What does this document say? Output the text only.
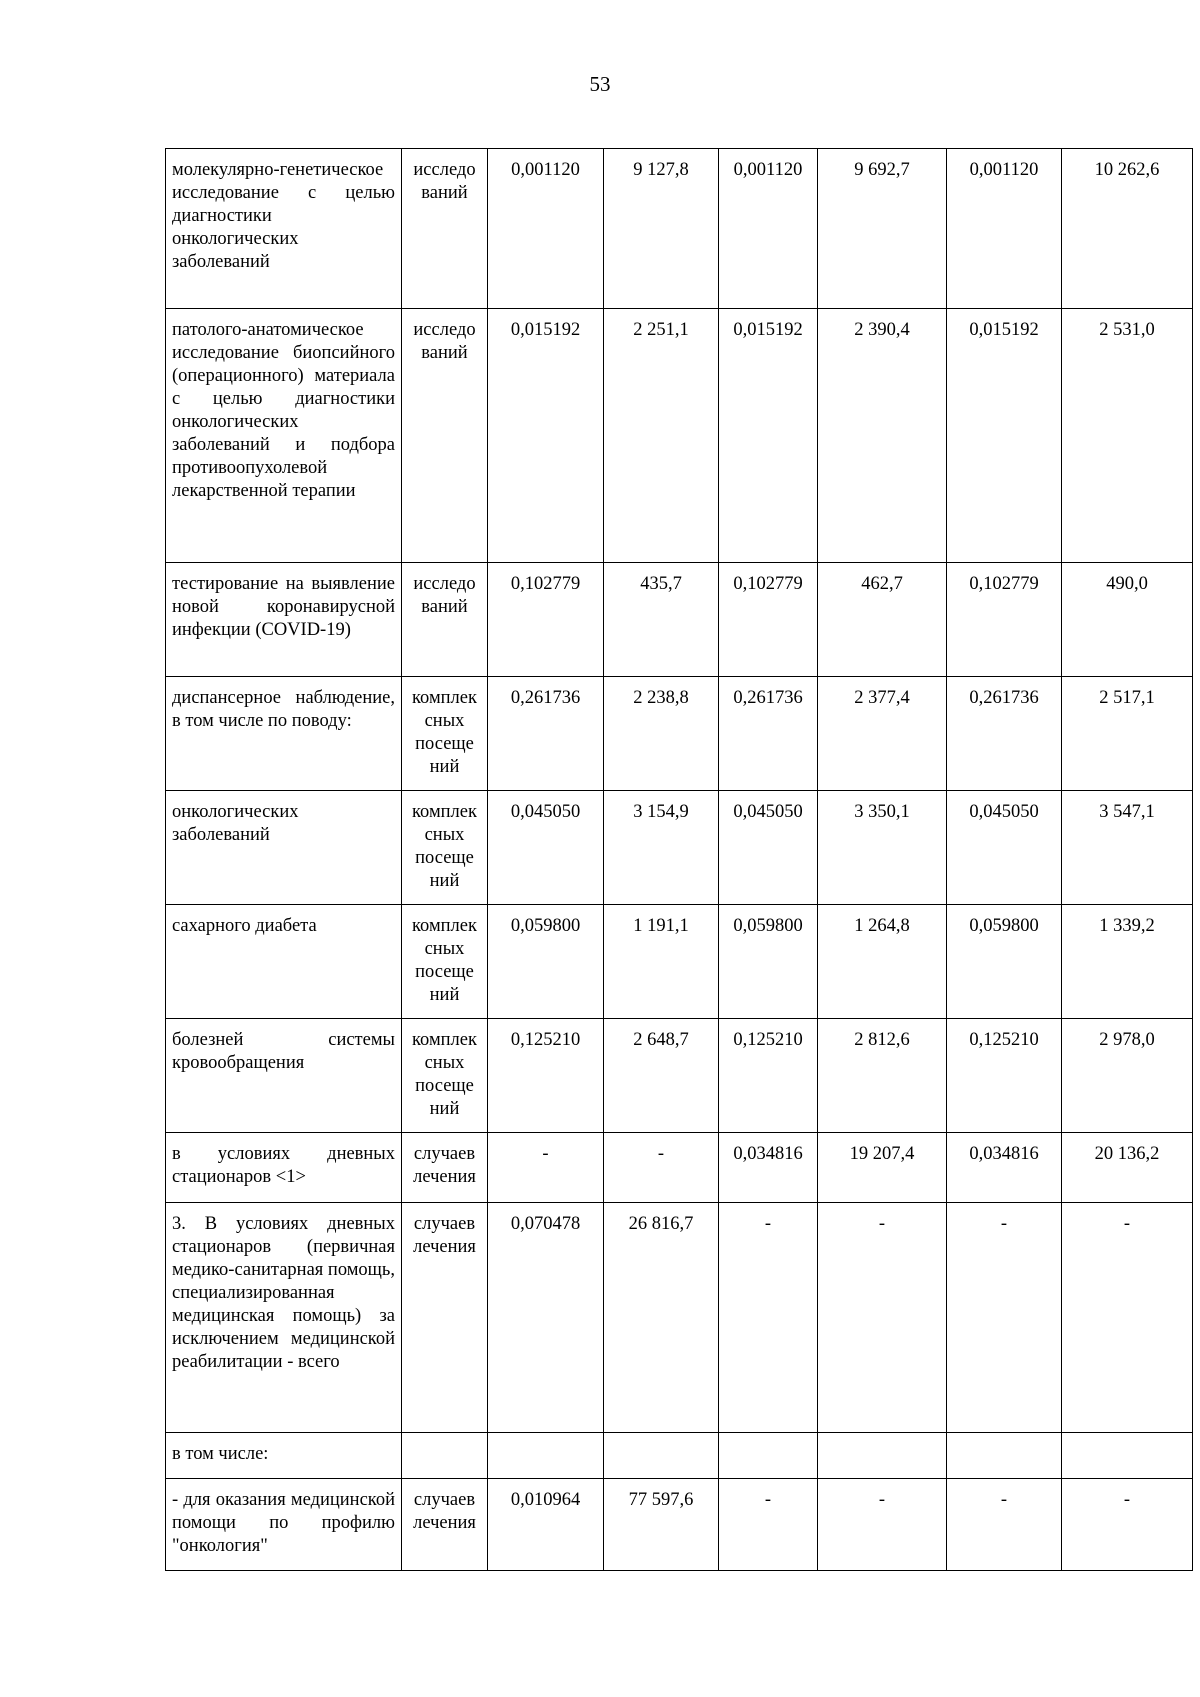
53
молекулярно-генетическое исследование с целью диагностики онкологических заболеваний	исследо ваний	0,001120	9 127,8	0,001120	9 692,7	0,001120	10 262,6
патолого-анатомическое исследование биопсийного (операционного) материала с целью диагностики онкологических заболеваний и подбора противоопухолевой лекарственной терапии	исследо ваний	0,015192	2 251,1	0,015192	2 390,4	0,015192	2 531,0
тестирование на выявление новой коронавирусной инфекции (COVID-19)	исследо ваний	0,102779	435,7	0,102779	462,7	0,102779	490,0
диспансерное наблюдение, в том числе по поводу:	комплек сных посеще ний	0,261736	2 238,8	0,261736	2 377,4	0,261736	2 517,1
онкологических заболеваний	комплек сных посеще ний	0,045050	3 154,9	0,045050	3 350,1	0,045050	3 547,1
сахарного диабета	комплек сных посеще ний	0,059800	1 191,1	0,059800	1 264,8	0,059800	1 339,2
болезней системы кровообращения	комплек сных посеще ний	0,125210	2 648,7	0,125210	2 812,6	0,125210	2 978,0
в условиях дневных стационаров <1>	случаев лечения	-	-	0,034816	19 207,4	0,034816	20 136,2
3. В условиях дневных стационаров (первичная медико-санитарная помощь, специализированная медицинская помощь) за исключением медицинской реабилитации - всего	случаев лечения	0,070478	26 816,7	-	-	-	-
в том числе:							
- для оказания медицинской помощи по профилю "онкология"	случаев лечения	0,010964	77 597,6	-	-	-	-
